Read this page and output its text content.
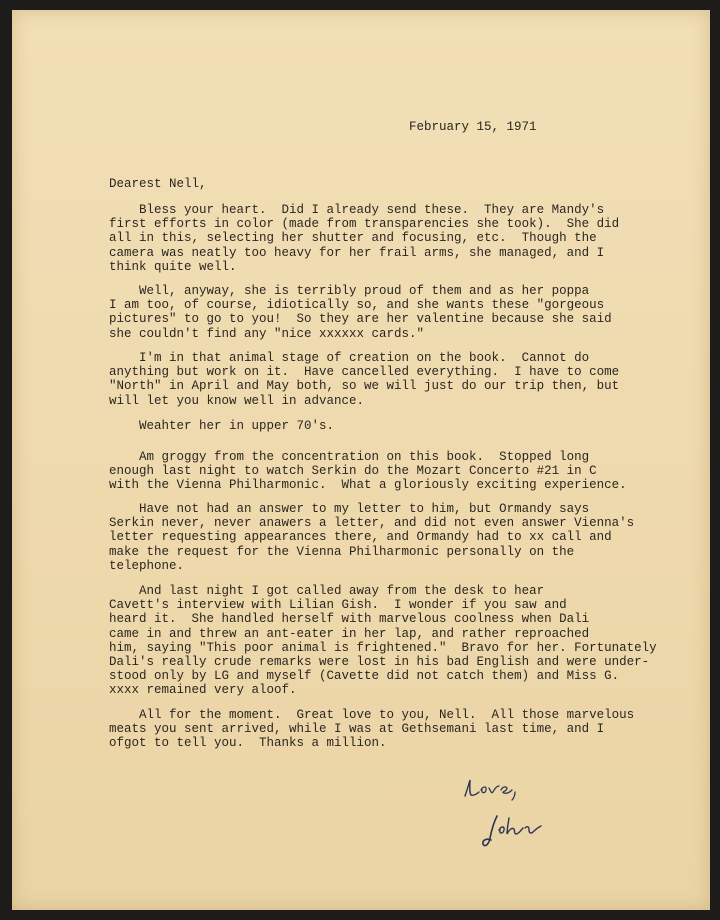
February 15, 1971
Dearest Nell,
Bless your heart.  Did I already send these.  They are Mandy's
first efforts in color (made from transparencies she took).  She did
all in this, selecting her shutter and focusing, etc.  Though the
camera was neatly too heavy for her frail arms, she managed, and I
think quite well.
Well, anyway, she is terribly proud of them and as her poppa
I am too, of course, idiotically so, and she wants these "gorgeous
pictures" to go to you!  So they are her valentine because she said
she couldn't find any "nice xxxxxx cards."
I'm in that animal stage of creation on the book.  Cannot do
anything but work on it.  Have cancelled everything.  I have to come
"North" in April and May both, so we will just do our trip then, but
will let you know well in advance.
Weahter her in upper 70's.
Am groggy from the concentration on this book.  Stopped long
enough last night to watch Serkin do the Mozart Concerto #21 in C
with the Vienna Philharmonic.  What a gloriously exciting experience.
Have not had an answer to my letter to him, but Ormandy says
Serkin never, never anawers a letter, and did not even answer Vienna's
letter requesting appearances there, and Ormandy had to xx call and
make the request for the Vienna Philharmonic personally on the
telephone.
And last night I got called away from the desk to hear
Cavett's interview with Lilian Gish.  I wonder if you saw and
heard it.  She handled herself with marvelous coolness when Dali
came in and threw an ant-eater in her lap, and rather reproached
him, saying "This poor animal is frightened."  Bravo for her. Fortunately
Dali's really crude remarks were lost in his bad English and were under-
stood only by LG and myself (Cavette did not catch them) and Miss G.
xxxx remained very aloof.
All for the moment.  Great love to you, Nell.  All those marvelous
meats you sent arrived, while I was at Gethsemani last time, and I
ofgot to tell you.  Thanks a million.
